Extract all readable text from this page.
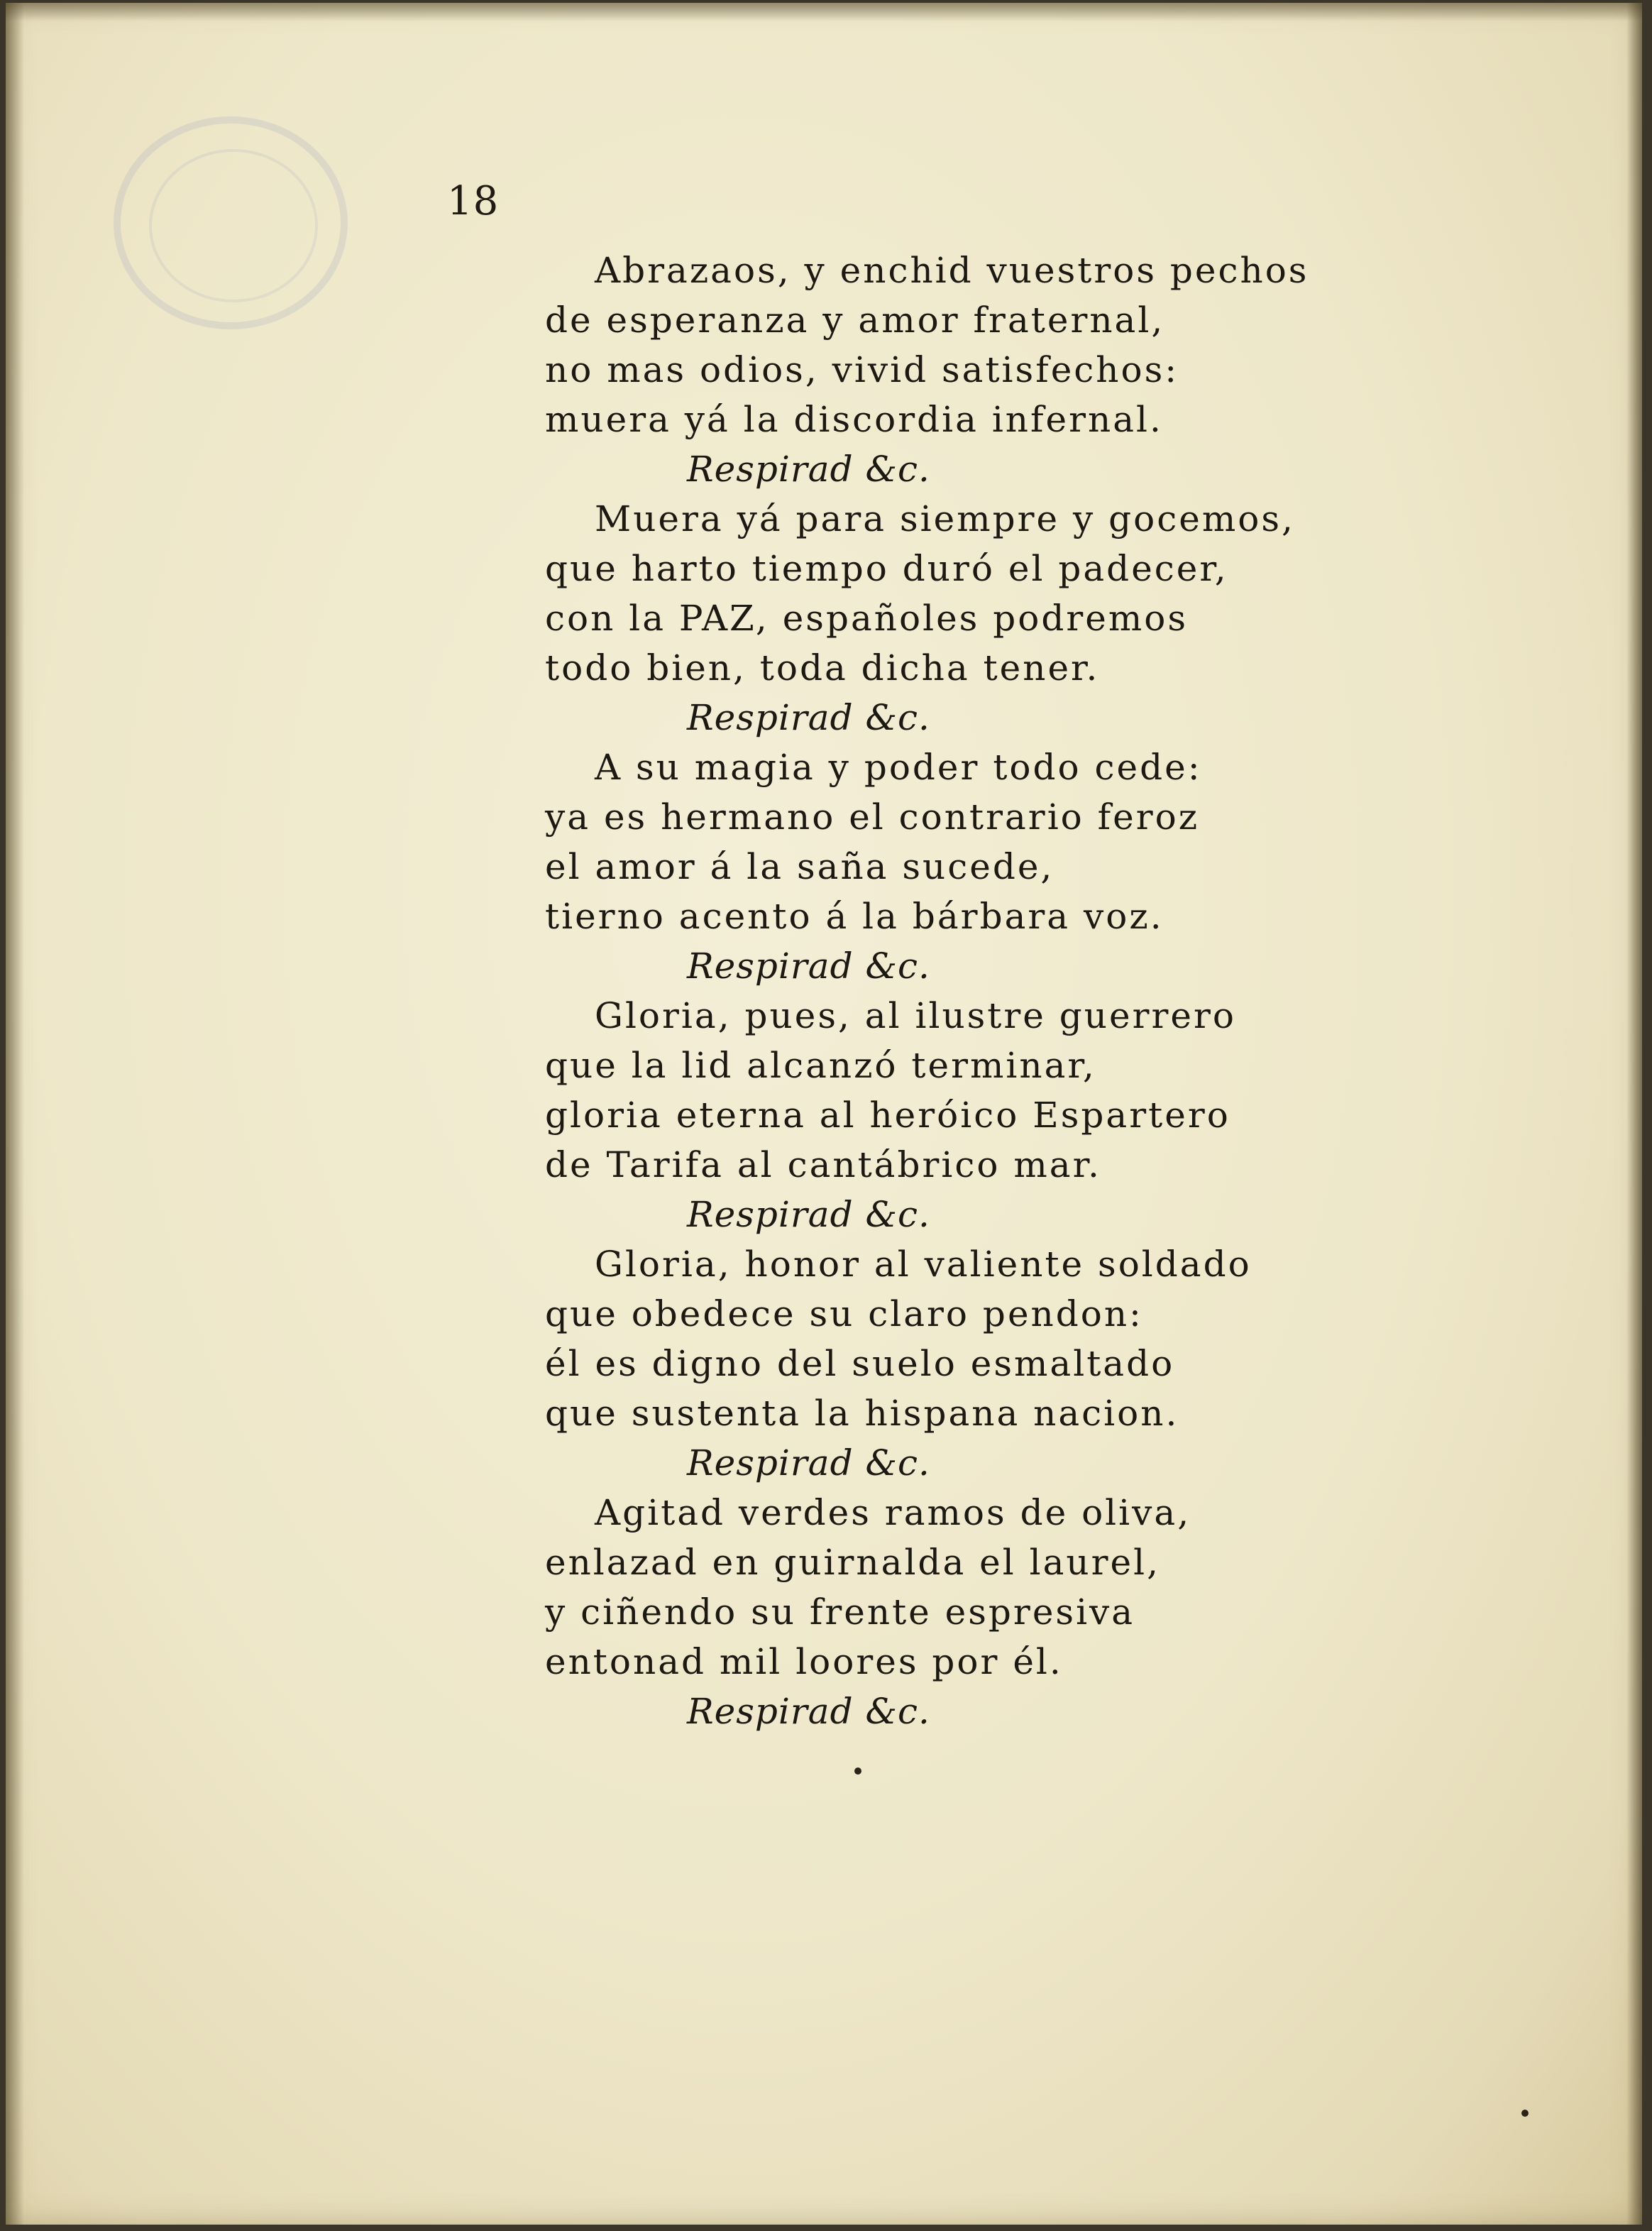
18
Abrazaos, y enchid vuestros pechos
de esperanza y amor fraternal,
no mas odios, vivid satisfechos:
muera yá la discordia infernal.
Respirad &c.
Muera yá para siempre y gocemos,
que harto tiempo duró el padecer,
con la PAZ, españoles podremos
todo bien, toda dicha tener.
Respirad &c.
A su magia y poder todo cede:
ya es hermano el contrario feroz
el amor á la saña sucede,
tierno acento á la bárbara voz.
Respirad &c.
Gloria, pues, al ilustre guerrero
que la lid alcanzó terminar,
gloria eterna al heróico Espartero
de Tarifa al cantábrico mar.
Respirad &c.
Gloria, honor al valiente soldado
que obedece su claro pendon:
él es digno del suelo esmaltado
que sustenta la hispana nacion.
Respirad &c.
Agitad verdes ramos de oliva,
enlazad en guirnalda el laurel,
y ciñendo su frente espresiva
entonad mil loores por él.
Respirad &c.
